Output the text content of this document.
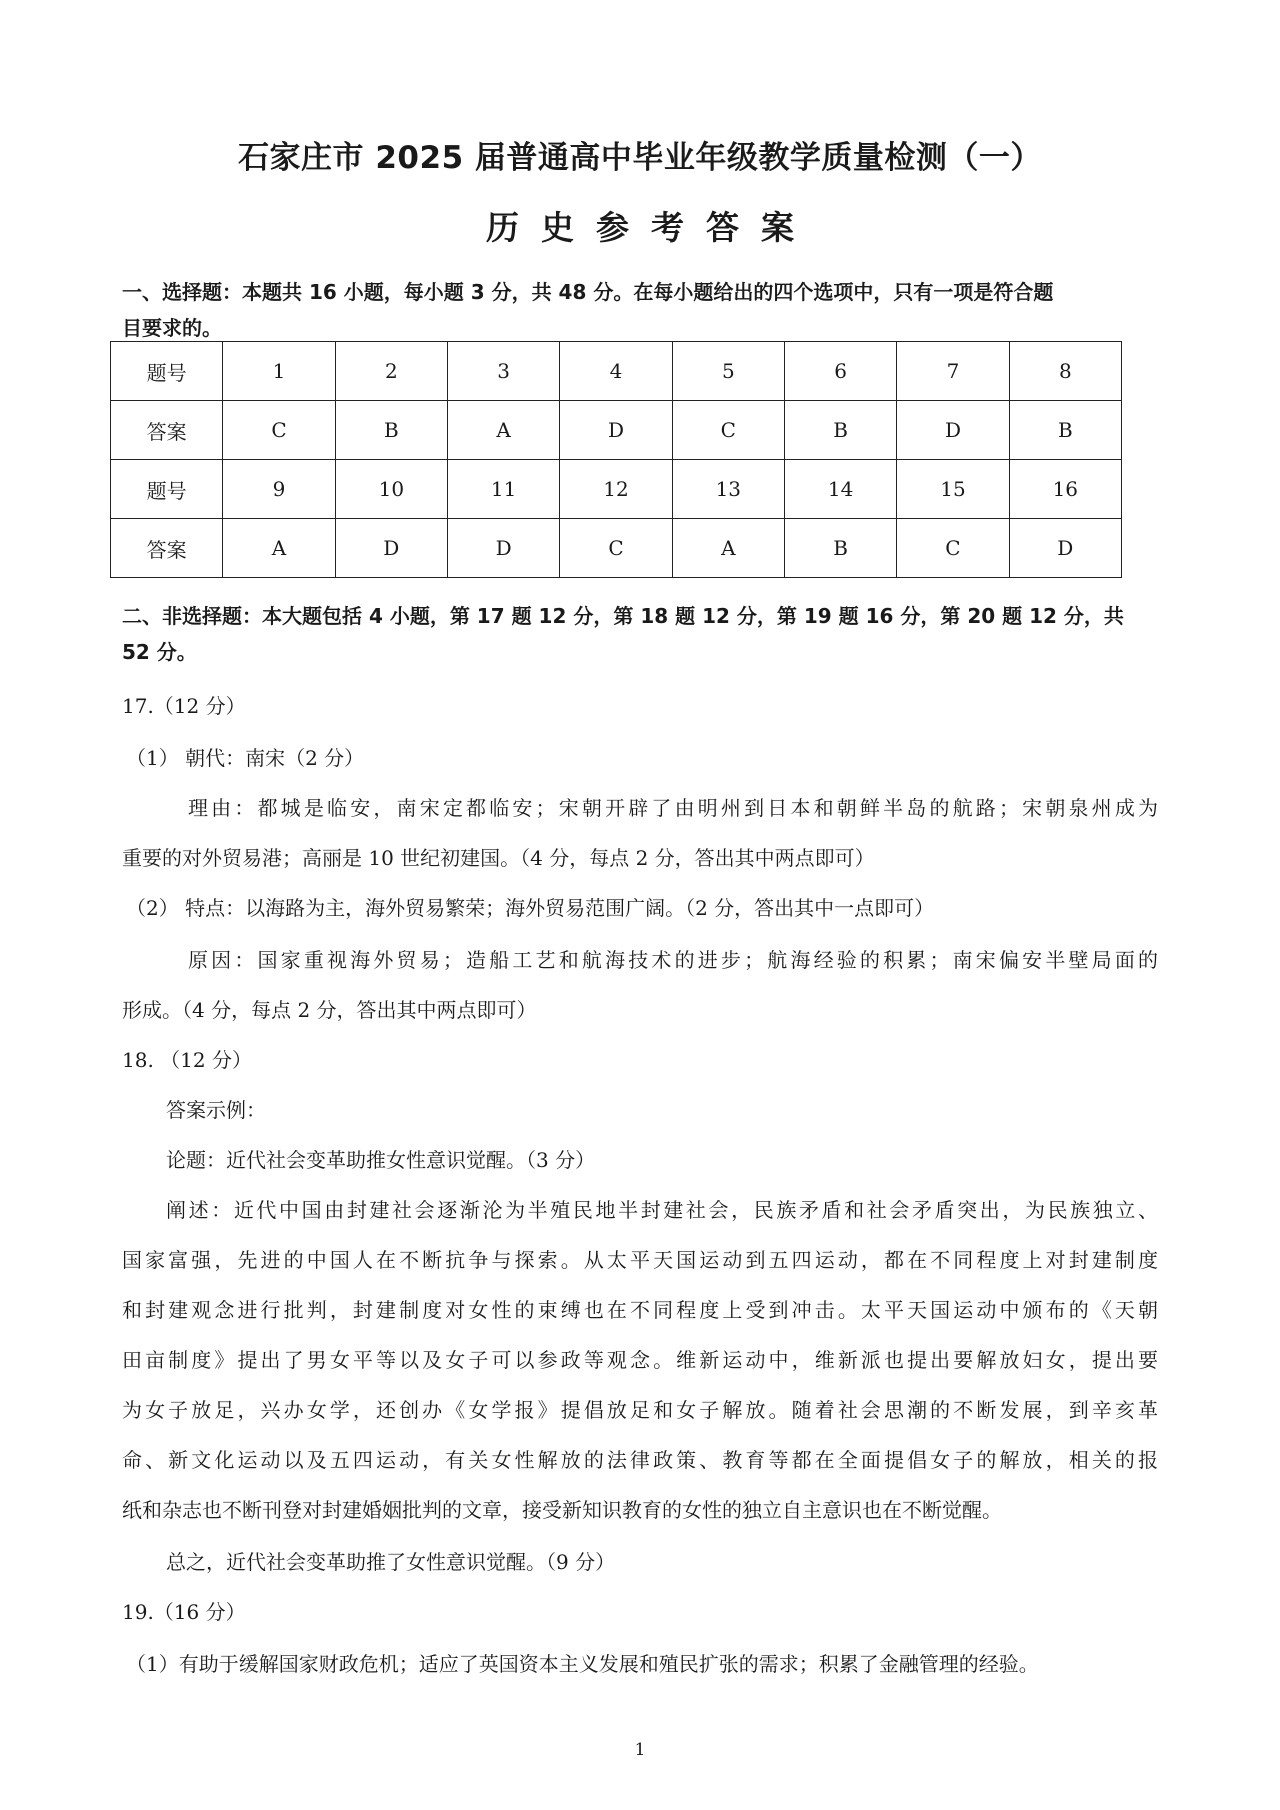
石家庄市 2025 届普通高中毕业年级教学质量检测（一）
历史参考答案
一、选择题：本题共 16 小题，每小题 3 分，共 48 分。在每小题给出的四个选项中，只有一项是符合题
目要求的。
题号	1	2	3	4	5	6	7	8
答案	C	B	A	D	C	B	D	B
题号	9	10	11	12	13	14	15	16
答案	A	D	D	C	A	B	C	D
二、非选择题：本大题包括 4 小题，第 17 题 12 分，第 18 题 12 分，第 19 题 16 分，第 20 题 12 分，共
52 分。
17.（12 分）
（1） 朝代：南宋（2 分）
理由：都城是临安，南宋定都临安；宋朝开辟了由明州到日本和朝鲜半岛的航路；宋朝泉州成为
重要的对外贸易港；高丽是 10 世纪初建国。（4 分，每点 2 分，答出其中两点即可）
（2） 特点：以海路为主，海外贸易繁荣；海外贸易范围广阔。（2 分，答出其中一点即可）
原因：国家重视海外贸易；造船工艺和航海技术的进步；航海经验的积累；南宋偏安半壁局面的
形成。（4 分，每点 2 分，答出其中两点即可）
18. （12 分）
答案示例：
论题：近代社会变革助推女性意识觉醒。（3 分）
阐述：近代中国由封建社会逐渐沦为半殖民地半封建社会，民族矛盾和社会矛盾突出，为民族独立、
国家富强，先进的中国人在不断抗争与探索。从太平天国运动到五四运动，都在不同程度上对封建制度
和封建观念进行批判，封建制度对女性的束缚也在不同程度上受到冲击。太平天国运动中颁布的《天朝
田亩制度》提出了男女平等以及女子可以参政等观念。维新运动中，维新派也提出要解放妇女，提出要
为女子放足，兴办女学，还创办《女学报》提倡放足和女子解放。随着社会思潮的不断发展，到辛亥革
命、新文化运动以及五四运动，有关女性解放的法律政策、教育等都在全面提倡女子的解放，相关的报
纸和杂志也不断刊登对封建婚姻批判的文章，接受新知识教育的女性的独立自主意识也在不断觉醒。
总之，近代社会变革助推了女性意识觉醒。（9 分）
19.（16 分）
（1）有助于缓解国家财政危机；适应了英国资本主义发展和殖民扩张的需求；积累了金融管理的经验。
1
